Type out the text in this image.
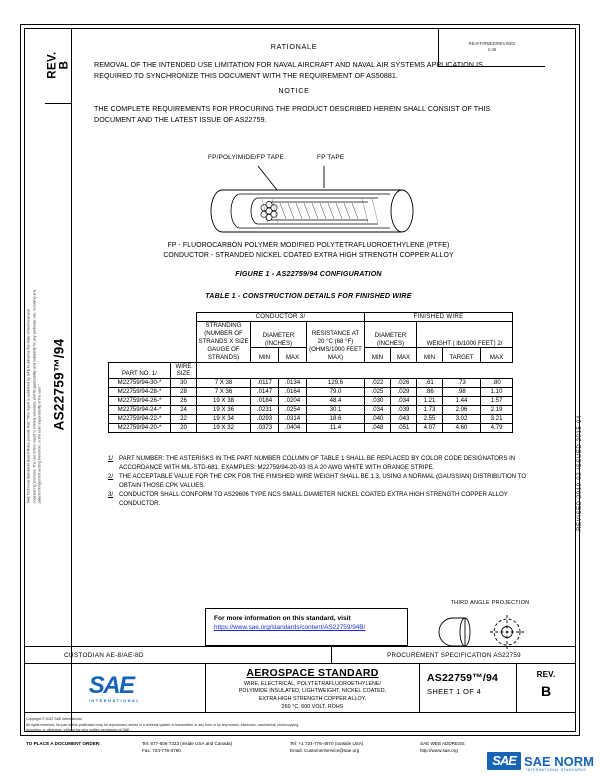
SAE Technical Standards Board Rules provide that: "This report is published by SAE to advance the state of technical and engineering sciences. The use of this report is entirely voluntary, and its applicability and suitability for any particular use, including any patent infringement arising therefrom, is the sole responsibility of the user."	REVISED 2019-02 ISSUED 2015-04
REV. B
AS22759™/94
REAFFIRMED/REVISED
2-46
RATIONALE

REMOVAL OF THE INTENDED USE LIMITATION FOR NAVAL AIRCRAFT AND NAVAL AIR SYSTEMS APPLICATION IS REQUIRED TO SYNCHRONIZE THIS DOCUMENT WITH THE REQUIREMENT OF AS50881.

NOTICE

THE COMPLETE REQUIREMENTS FOR PROCURING THE PRODUCT DESCRIBED HEREIN SHALL CONSIST OF THIS DOCUMENT AND THE LATEST ISSUE OF AS22759.

FP/POLYIMIDE/FP TAPE	FP TAPE
FP - FLUOROCARBON POLYMER MODIFIED POLYTETRAFLUOROETHYLENE (PTFE)
CONDUCTOR - STRANDED NICKEL COATED EXTRA HIGH STRENGTH COPPER ALLOY
FIGURE 1 - AS22759/94 CONFIGURATION
TABLE 1 - CONSTRUCTION DETAILS FOR FINISHED WIRE
		CONDUCTOR 3/				FINISHED WIRE				
		STRANDING (NUMBER OF STRANDS X SIZE GAUGE OF STRANDS)	DIAMETER (INCHES)		RESISTANCE AT 20 °C (68 °F) (OHMS/1000 FEET MAX)	DIAMETER (INCHES)		WEIGHT ( lb/1000 FEET) 2/		
			MIN	MAX		MIN	MAX	MIN	TARGET	MAX
PART NO. 1/	WIRE SIZE									
M22759/94-30-*	30	7 X 38	.0117	.0134	129.6	.022	.026	.61	.73	.80
M22759/94-28-*	28	7 X 36	.0147	.0164	79.0	.025	.029	.86	.98	1.10
M22759/94-26-*	26	19 X 38	.0184	.0204	48.4	.030	.034	1.21	1.44	1.57
M22759/94-24-*	24	19 X 36	.0231	.0254	30.1	.034	.039	1.73	2.06	2.19
M22759/94-22-*	22	19 X 34	.0293	.0314	18.6	.040	.043	2.55	3.02	3.21
M22759/94-20-*	20	19 X 32	.0373	.0404	11.4	.048	.051	4.07	4.60	4.79
1/ PART NUMBER: THE ASTERISKS IN THE PART NUMBER COLUMN OF TABLE 1 SHALL BE REPLACED BY COLOR CODE DESIGNATORS IN ACCORDANCE WITH MIL-STD-681. EXAMPLES: M22759/94-20-93 IS A 20 AWG WHITE WITH ORANGE STRIPE.
2/ THE ACCEPTABLE VALUE FOR THE CPK FOR THE FINISHED WIRE WEIGHT SHALL BE 1.3, USING A NORMAL (GAUSSIAN) DISTRIBUTION TO OBTAIN THOSE CPK VALUES.
3/ CONDUCTOR SHALL CONFORM TO AS29606 TYPE NCS SMALL DIAMETER NICKEL COATED EXTRA HIGH STRENGTH COPPER ALLOY CONDUCTOR.
For more information on this standard, visit
https://www.sae.org/standards/content/AS22759/94B/
THIRD ANGLE PROJECTION
CUSTODIAN AE-8/AE-8D	PROCUREMENT SPECIFICATION AS22759
SAE
INTERNATIONAL
AEROSPACE STANDARD
WIRE, ELECTRICAL, POLYTETRAFLUOROETHYLENE/
POLYIMIDE INSULATED, LIGHTWEIGHT, NICKEL COATED,
EXTRA HIGH STRENGTH COPPER ALLOY,
260 °C, 600 VOLT, ROHS
AS22759™/94
SHEET 1 OF 4
REV.
B
Copyright © 2022 SAE International
All rights reserved. No part of this publication may be reproduced, stored in a retrieval system or transmitted, in any form or by any means, electronic, mechanical, photocopying,
recording, or otherwise, without the prior written permission of SAE.
TO PLACE A DOCUMENT ORDER:	Tel: 877-606-7323 (inside USA and Canada)	Tel: +1 724-776-4970 (outside USA)	SAE WEB ADDRESS:
Fax: 724-776-0790	Email: CustomerService@sae.org	http://www.sae.org
SAE SAE NORM
INTERNATIONAL STANDARDS
